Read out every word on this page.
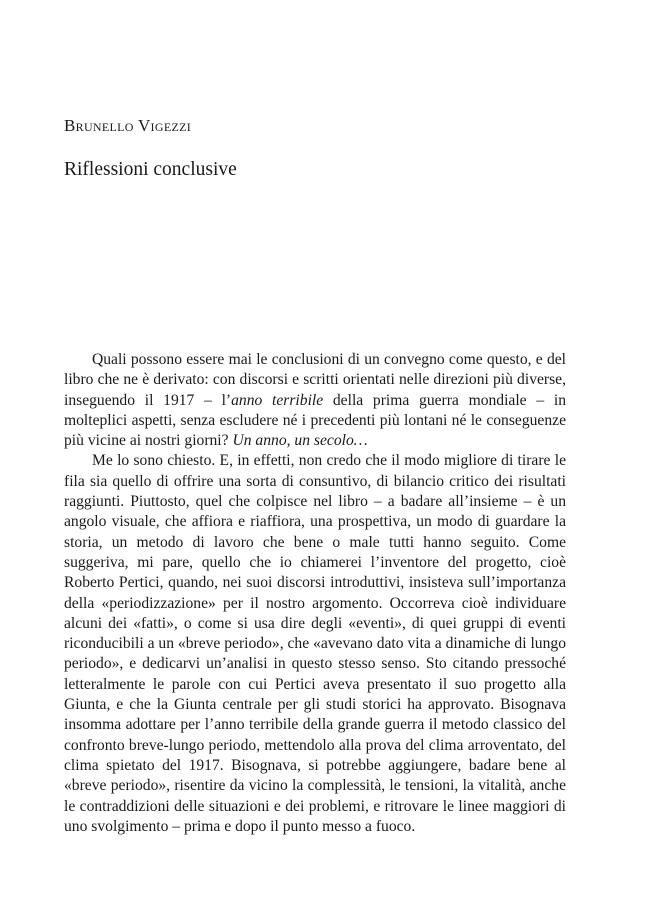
Brunello Vigezzi
Riflessioni conclusive

Quali possono essere mai le conclusioni di un convegno come questo, e del libro che ne è derivato: con discorsi e scritti orientati nelle direzioni più diverse, inseguendo il 1917 – l’anno terribile della prima guerra mondiale – in molteplici aspetti, senza escludere né i precedenti più lontani né le conseguenze più vicine ai nostri giorni? Un anno, un secolo…

Me lo sono chiesto. E, in effetti, non credo che il modo migliore di tirare le fila sia quello di offrire una sorta di consuntivo, di bilancio critico dei risultati raggiunti. Piuttosto, quel che colpisce nel libro – a badare all’insieme – è un angolo visuale, che affiora e riaffiora, una prospettiva, un modo di guardare la storia, un metodo di lavoro che bene o male tutti hanno seguito. Come suggeriva, mi pare, quello che io chiamerei l’inventore del progetto, cioè Roberto Pertici, quando, nei suoi discorsi introduttivi, insisteva sull’importanza della «periodizzazione» per il nostro argomento. Occorreva cioè individuare alcuni dei «fatti», o come si usa dire degli «eventi», di quei gruppi di eventi riconducibili a un «breve periodo», che «avevano dato vita a dinamiche di lungo periodo», e dedicarvi un’analisi in questo stesso senso. Sto citando pressoché letteralmente le parole con cui Pertici aveva presentato il suo progetto alla Giunta, e che la Giunta centrale per gli studi storici ha approvato. Bisognava insomma adottare per l’anno terribile della grande guerra il metodo classico del confronto breve-lungo periodo, mettendolo alla prova del clima arroventato, del clima spietato del 1917. Bisognava, si potrebbe aggiungere, badare bene al «breve periodo», risentire da vicino la complessità, le tensioni, la vitalità, anche le contraddizioni delle situazioni e dei problemi, e ritrovare le linee maggiori di uno svolgimento – prima e dopo il punto messo a fuoco.
